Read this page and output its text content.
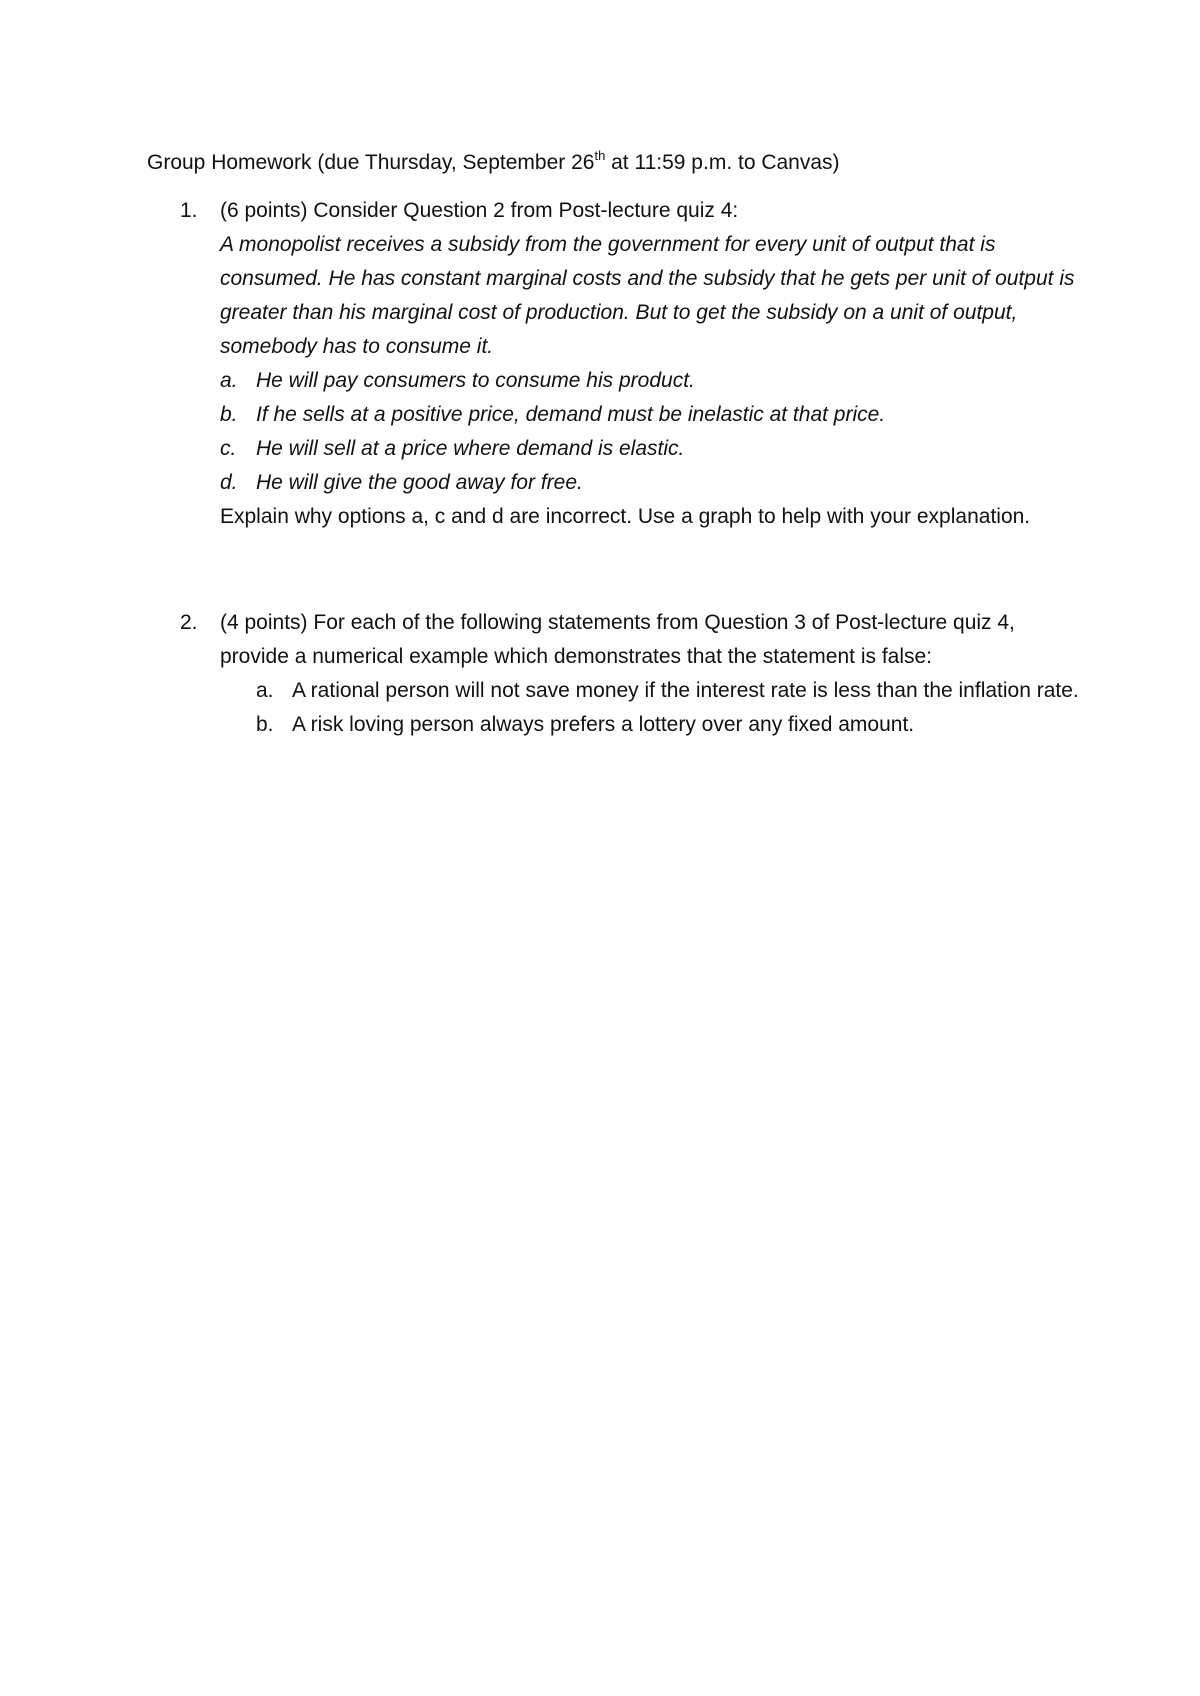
Group Homework (due Thursday, September 26th at 11:59 p.m. to Canvas)
1. (6 points) Consider Question 2 from Post-lecture quiz 4:
A monopolist receives a subsidy from the government for every unit of output that is consumed. He has constant marginal costs and the subsidy that he gets per unit of output is greater than his marginal cost of production. But to get the subsidy on a unit of output, somebody has to consume it.
a. He will pay consumers to consume his product.
b. If he sells at a positive price, demand must be inelastic at that price.
c. He will sell at a price where demand is elastic.
d. He will give the good away for free.
Explain why options a, c and d are incorrect. Use a graph to help with your explanation.
2. (4 points) For each of the following statements from Question 3 of Post-lecture quiz 4, provide a numerical example which demonstrates that the statement is false:
a. A rational person will not save money if the interest rate is less than the inflation rate.
b. A risk loving person always prefers a lottery over any fixed amount.
